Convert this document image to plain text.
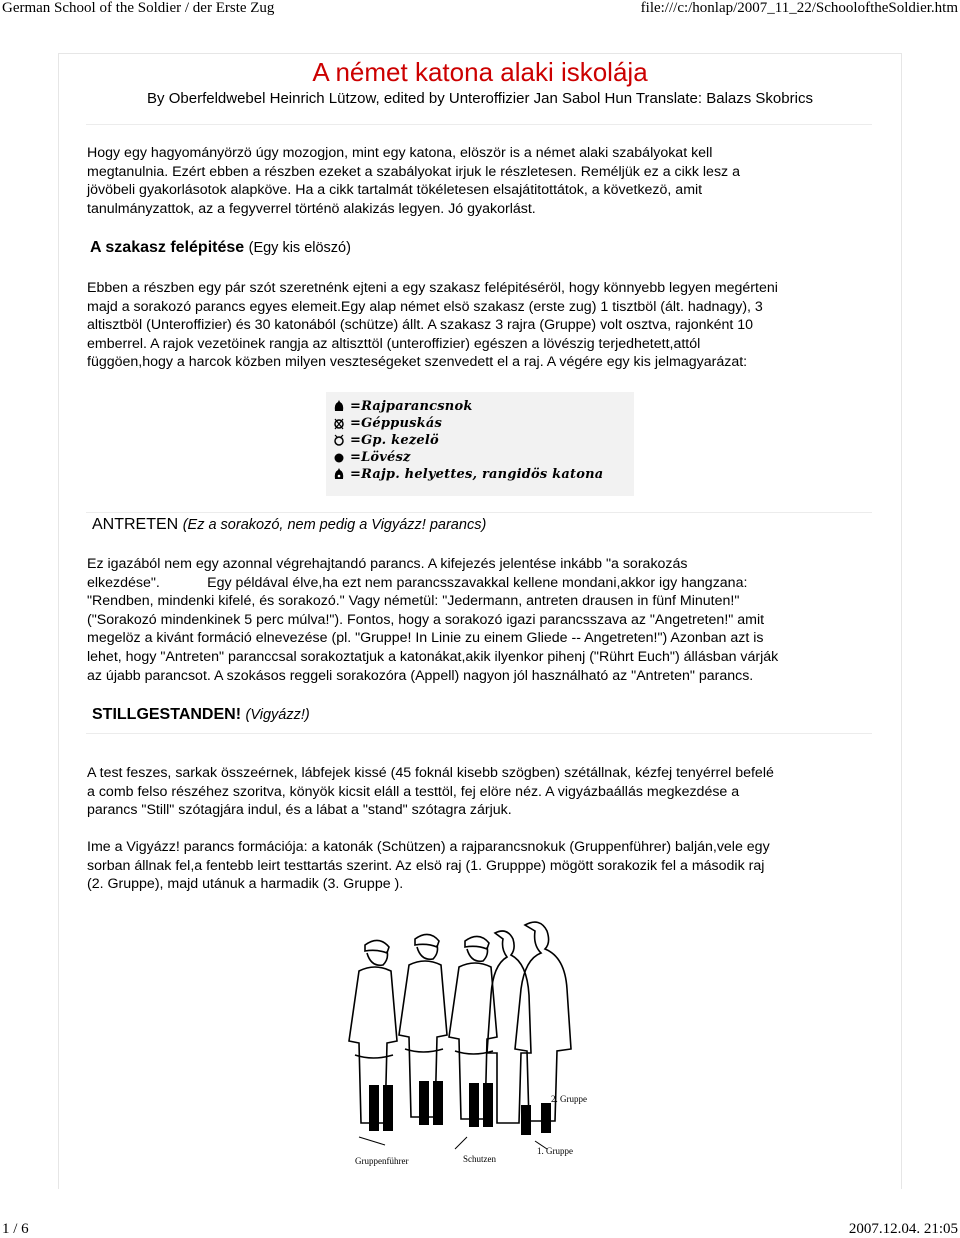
German School of the Soldier / der Erste Zug	file:///c:/honlap/2007_11_22/SchooloftheSoldier.htm
A német katona alaki iskolája
By Oberfeldwebel Heinrich Lützow, edited by Unteroffizier Jan Sabol Hun Translate: Balazs Skobrics
Hogy egy hagyományörzö úgy mozogjon, mint egy katona, elöször is a német alaki szabályokat kell
megtanulnia. Ezért ebben a részben ezeket a szabályokat irjuk le részletesen. Reméljük ez a cikk lesz a
jövöbeli gyakorlásotok alapköve. Ha a cikk tartalmát tökéletesen elsajátitottátok, a következö, amit
tanulmányzattok, az a fegyverrel történö alakizás legyen. Jó gyakorlást.
A szakasz felépitése (Egy kis elöszó)
Ebben a részben egy pár szót szeretnénk ejteni a egy szakasz felépitéséröl, hogy könnyebb legyen megérteni
majd a sorakozó parancs egyes elemeit.Egy alap német elsö szakasz (erste zug) 1 tisztböl (ált. hadnagy), 3
altisztböl (Unteroffizier) és 30 katonából (schütze) állt. A szakasz 3 rajra (Gruppe) volt osztva, rajonként 10
emberrel. A rajok vezetöinek rangja az altiszttöl (unteroffizier) egészen a lövészig terjedhetett,attól
függöen,hogy a harcok közben milyen veszteségeket szenvedett el a raj. A végére egy kis jelmagyarázat:
=Rajparancsnok
=Géppuskás
=Gp. kezelö
=Lövész
=Rajp. helyettes, rangidös katona
ANTRETEN (Ez a sorakozó, nem pedig a Vigyázz! parancs)
Ez igazából nem egy azonnal végrehajtandó parancs. A kifejezés jelentése inkább "a sorakozás
elkezdése".            Egy példával élve,ha ezt nem parancsszavakkal kellene mondani,akkor igy hangzana:
"Rendben, mindenki kifelé, és sorakozó." Vagy németül: "Jedermann, antreten drausen in fünf Minuten!"
("Sorakozó mindenkinek 5 perc múlva!"). Fontos, hogy a sorakozó igazi parancsszava az "Angetreten!" amit
megelöz a kivánt formáció elnevezése (pl. "Gruppe! In Linie zu einem Gliede -- Angetreten!") Azonban azt is
lehet, hogy "Antreten" paranccsal sorakoztatjuk a katonákat,akik ilyenkor pihenj ("Rührt Euch") állásban várják
az újabb parancsot. A szokásos reggeli sorakozóra (Appell) nagyon jól használható az "Antreten" parancs.
STILLGESTANDEN! (Vigyázz!)
A test feszes, sarkak összeérnek, lábfejek kissé (45 foknál kisebb szögben) szétállnak, kézfej tenyérrel befelé
a comb felso részéhez szoritva, könyök kicsit eláll a testtöl, fej elöre néz. A vigyázbaállás megkezdése a
parancs "Still" szótagjára indul, és a lábat a "stand" szótagra zárjuk.
Ime a Vigyázz! parancs formációja: a katonák (Schützen) a rajparancsnokuk (Gruppenführer) balján,vele egy
sorban állnak fel,a fentebb leirt testtartás szerint. Az elsö raj (1. Grupppe) mögött sorakozik fel a második raj
(2. Gruppe), majd utánuk a harmadik (3. Gruppe ).
Gruppenführer	Schutzen
1. Gruppe
2. Gruppe
1 / 6	2007.12.04. 21:05
